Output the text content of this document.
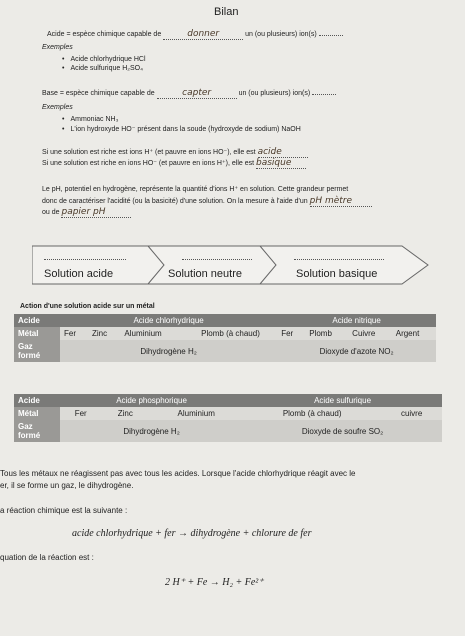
Bilan
Acide = espèce chimique capable de	donner	un (ou plusieurs) ion(s)
Exemples
• Acide chlorhydrique HCl
• Acide sulfurique H₂SO₄
Base = espèce chimique capable de	capter	un (ou plusieurs) ion(s)
Exemples
• Ammoniac NH₃
• L'ion hydroxyde HO⁻ présent dans la soude (hydroxyde de sodium) NaOH
Si une solution est riche est ions H⁺ (et pauvre en ions HO⁻), elle est acide
Si une solution est riche en ions HO⁻ (et pauvre en ions H⁺), elle est basique
Le pH, potentiel en hydrogène, représente la quantité d'ions H⁺ en solution. Cette grandeur permet
donc de caractériser l'acidité (ou la basicité) d'une solution. On la mesure à l'aide d'un pH mètre
ou de papier pH
Solution acide	Solution neutre	Solution basique
Action d'une solution acide sur un métal
Acide	Acide chlorhydrique				Acide nitrique			
Métal	Fer	Zinc	Aluminium	Plomb (à chaud)	Fer	Plomb	Cuivre	Argent
Gaz formé	Dihydrogène H₂				Dioxyde d'azote NO₂			
Acide	Acide phosphorique			Acide sulfurique	
Métal	Fer	Zinc	Aluminium	Plomb (à chaud)	cuivre
Gaz formé	Dihydrogène H₂			Dioxyde de soufre SO₂	
Tous les métaux ne réagissent pas avec tous les acides. Lorsque l'acide chlorhydrique réagit avec le
er, il se forme un gaz, le dihydrogène.
a réaction chimique est la suivante :
acide chlorhydrique + fer → dihydrogène + chlorure de fer
quation de la réaction est :
2 H⁺ + Fe → H₂ + Fe²⁺
